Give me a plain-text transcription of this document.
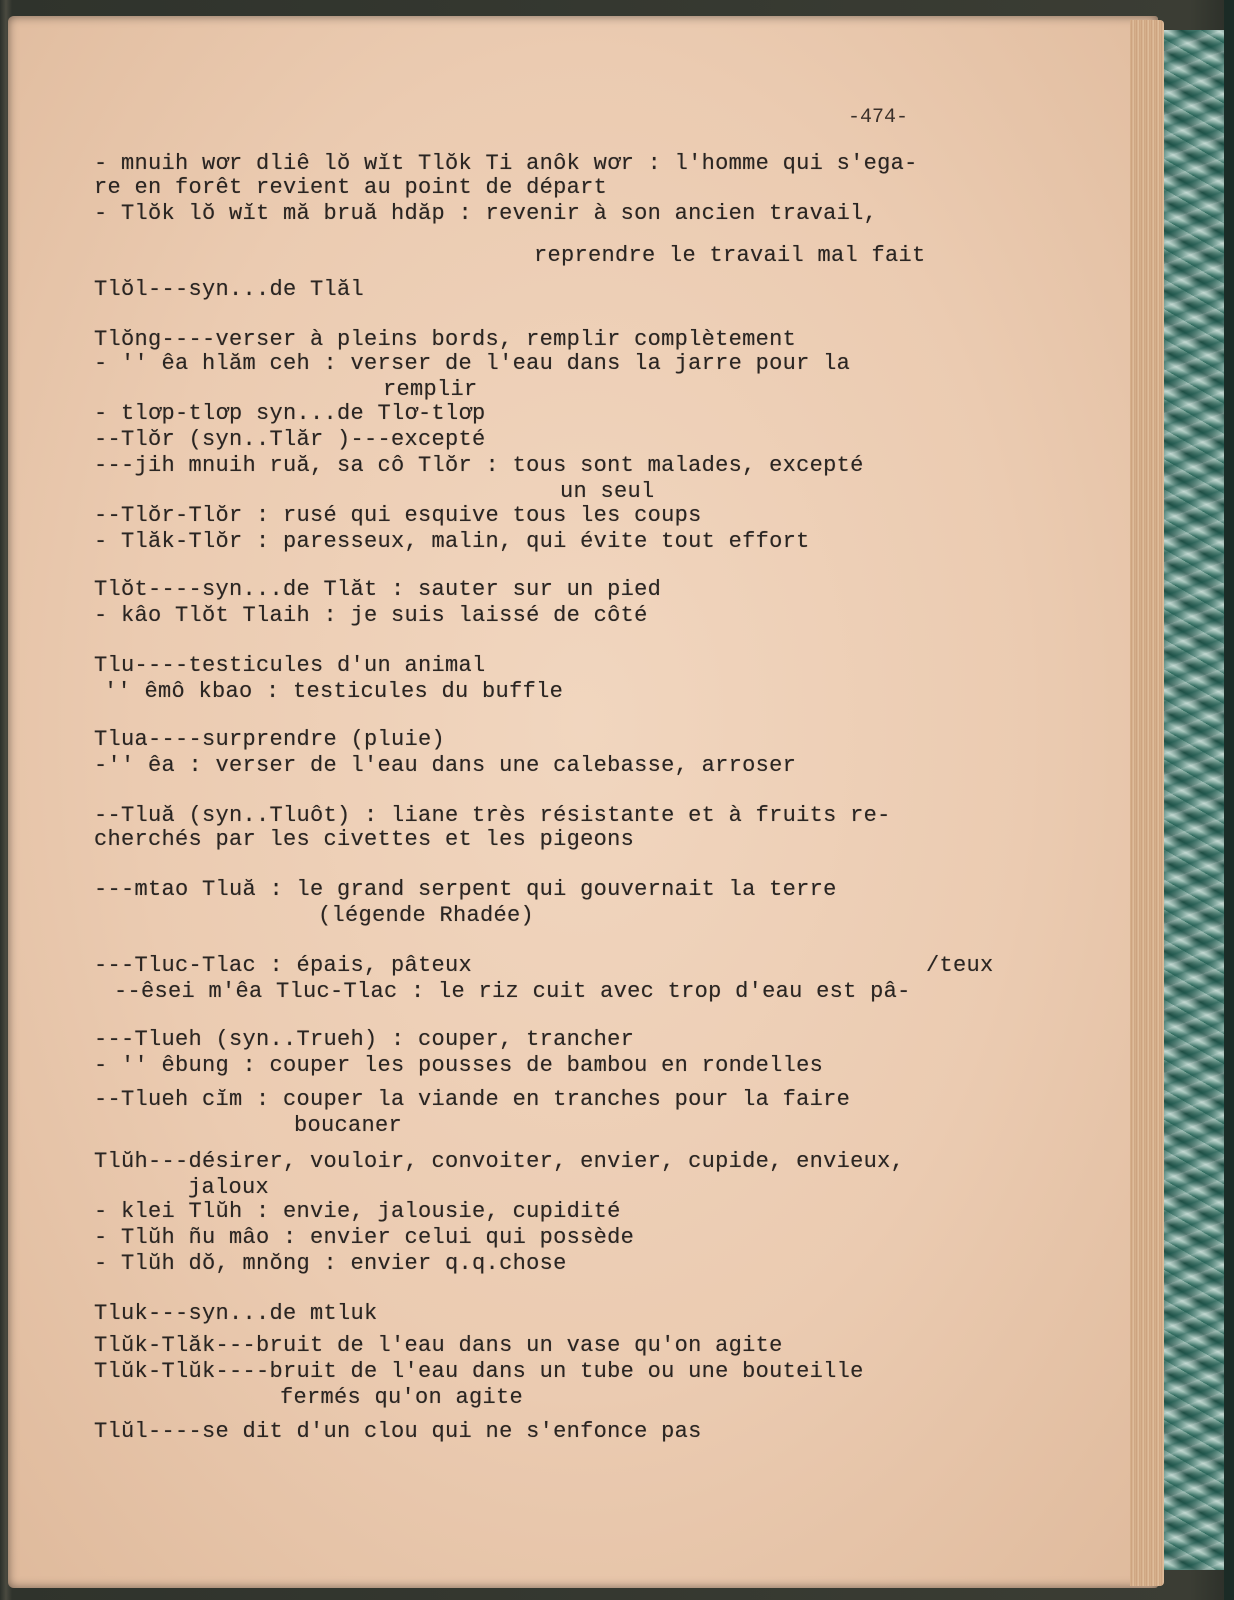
-474-
- mnuih wơr dliê lŏ wĭt Tlŏk Ti anôk wơr : l'homme qui s'ega-
re en forêt revient au point de départ
- Tlŏk lŏ wĭt mă bruă hdăp : revenir à son ancien travail,
reprendre le travail mal fait
Tlŏl---syn...de Tlăl
Tlŏng----verser à pleins bords, remplir complètement
- '' êa hlăm ceh : verser de l'eau dans la jarre pour la
remplir
- tlơp-tlơp syn...de Tlơ-tlơp
--Tlŏr (syn..Tlăr )---excepté
---jih mnuih ruă, sa cô Tlŏr : tous sont malades, excepté
un seul
--Tlŏr-Tlŏr : rusé qui esquive tous les coups
- Tlăk-Tlŏr : paresseux, malin, qui évite tout effort
Tlŏt----syn...de Tlăt : sauter sur un pied
- kâo Tlŏt Tlaih : je suis laissé de côté
Tlu----testicules d'un animal
'' êmô kbao : testicules du buffle
Tlua----surprendre (pluie)
-'' êa : verser de l'eau dans une calebasse, arroser
--Tluă (syn..Tluôt) : liane très résistante et à fruits re-
cherchés par les civettes et les pigeons
---mtao Tluă : le grand serpent qui gouvernait la terre
(légende Rhadée)
---Tluc-Tlac : épais, pâteux	/teux
--êsei m'êa Tluc-Tlac : le riz cuit avec trop d'eau est pâ-
---Tlueh (syn..Trueh) : couper, trancher
- '' êbung : couper les pousses de bambou en rondelles
--Tlueh cĭm : couper la viande en tranches pour la faire
boucaner
Tlŭh---désirer, vouloir, convoiter, envier, cupide, envieux,
jaloux
- klei Tlŭh : envie, jalousie, cupidité
- Tlŭh ñu mâo : envier celui qui possède
- Tlŭh dŏ, mnŏng : envier q.q.chose
Tluk---syn...de mtluk
Tlŭk-Tlăk---bruit de l'eau dans un vase qu'on agite
Tlŭk-Tlŭk----bruit de l'eau dans un tube ou une bouteille
fermés qu'on agite
Tlŭl----se dit d'un clou qui ne s'enfonce pas
